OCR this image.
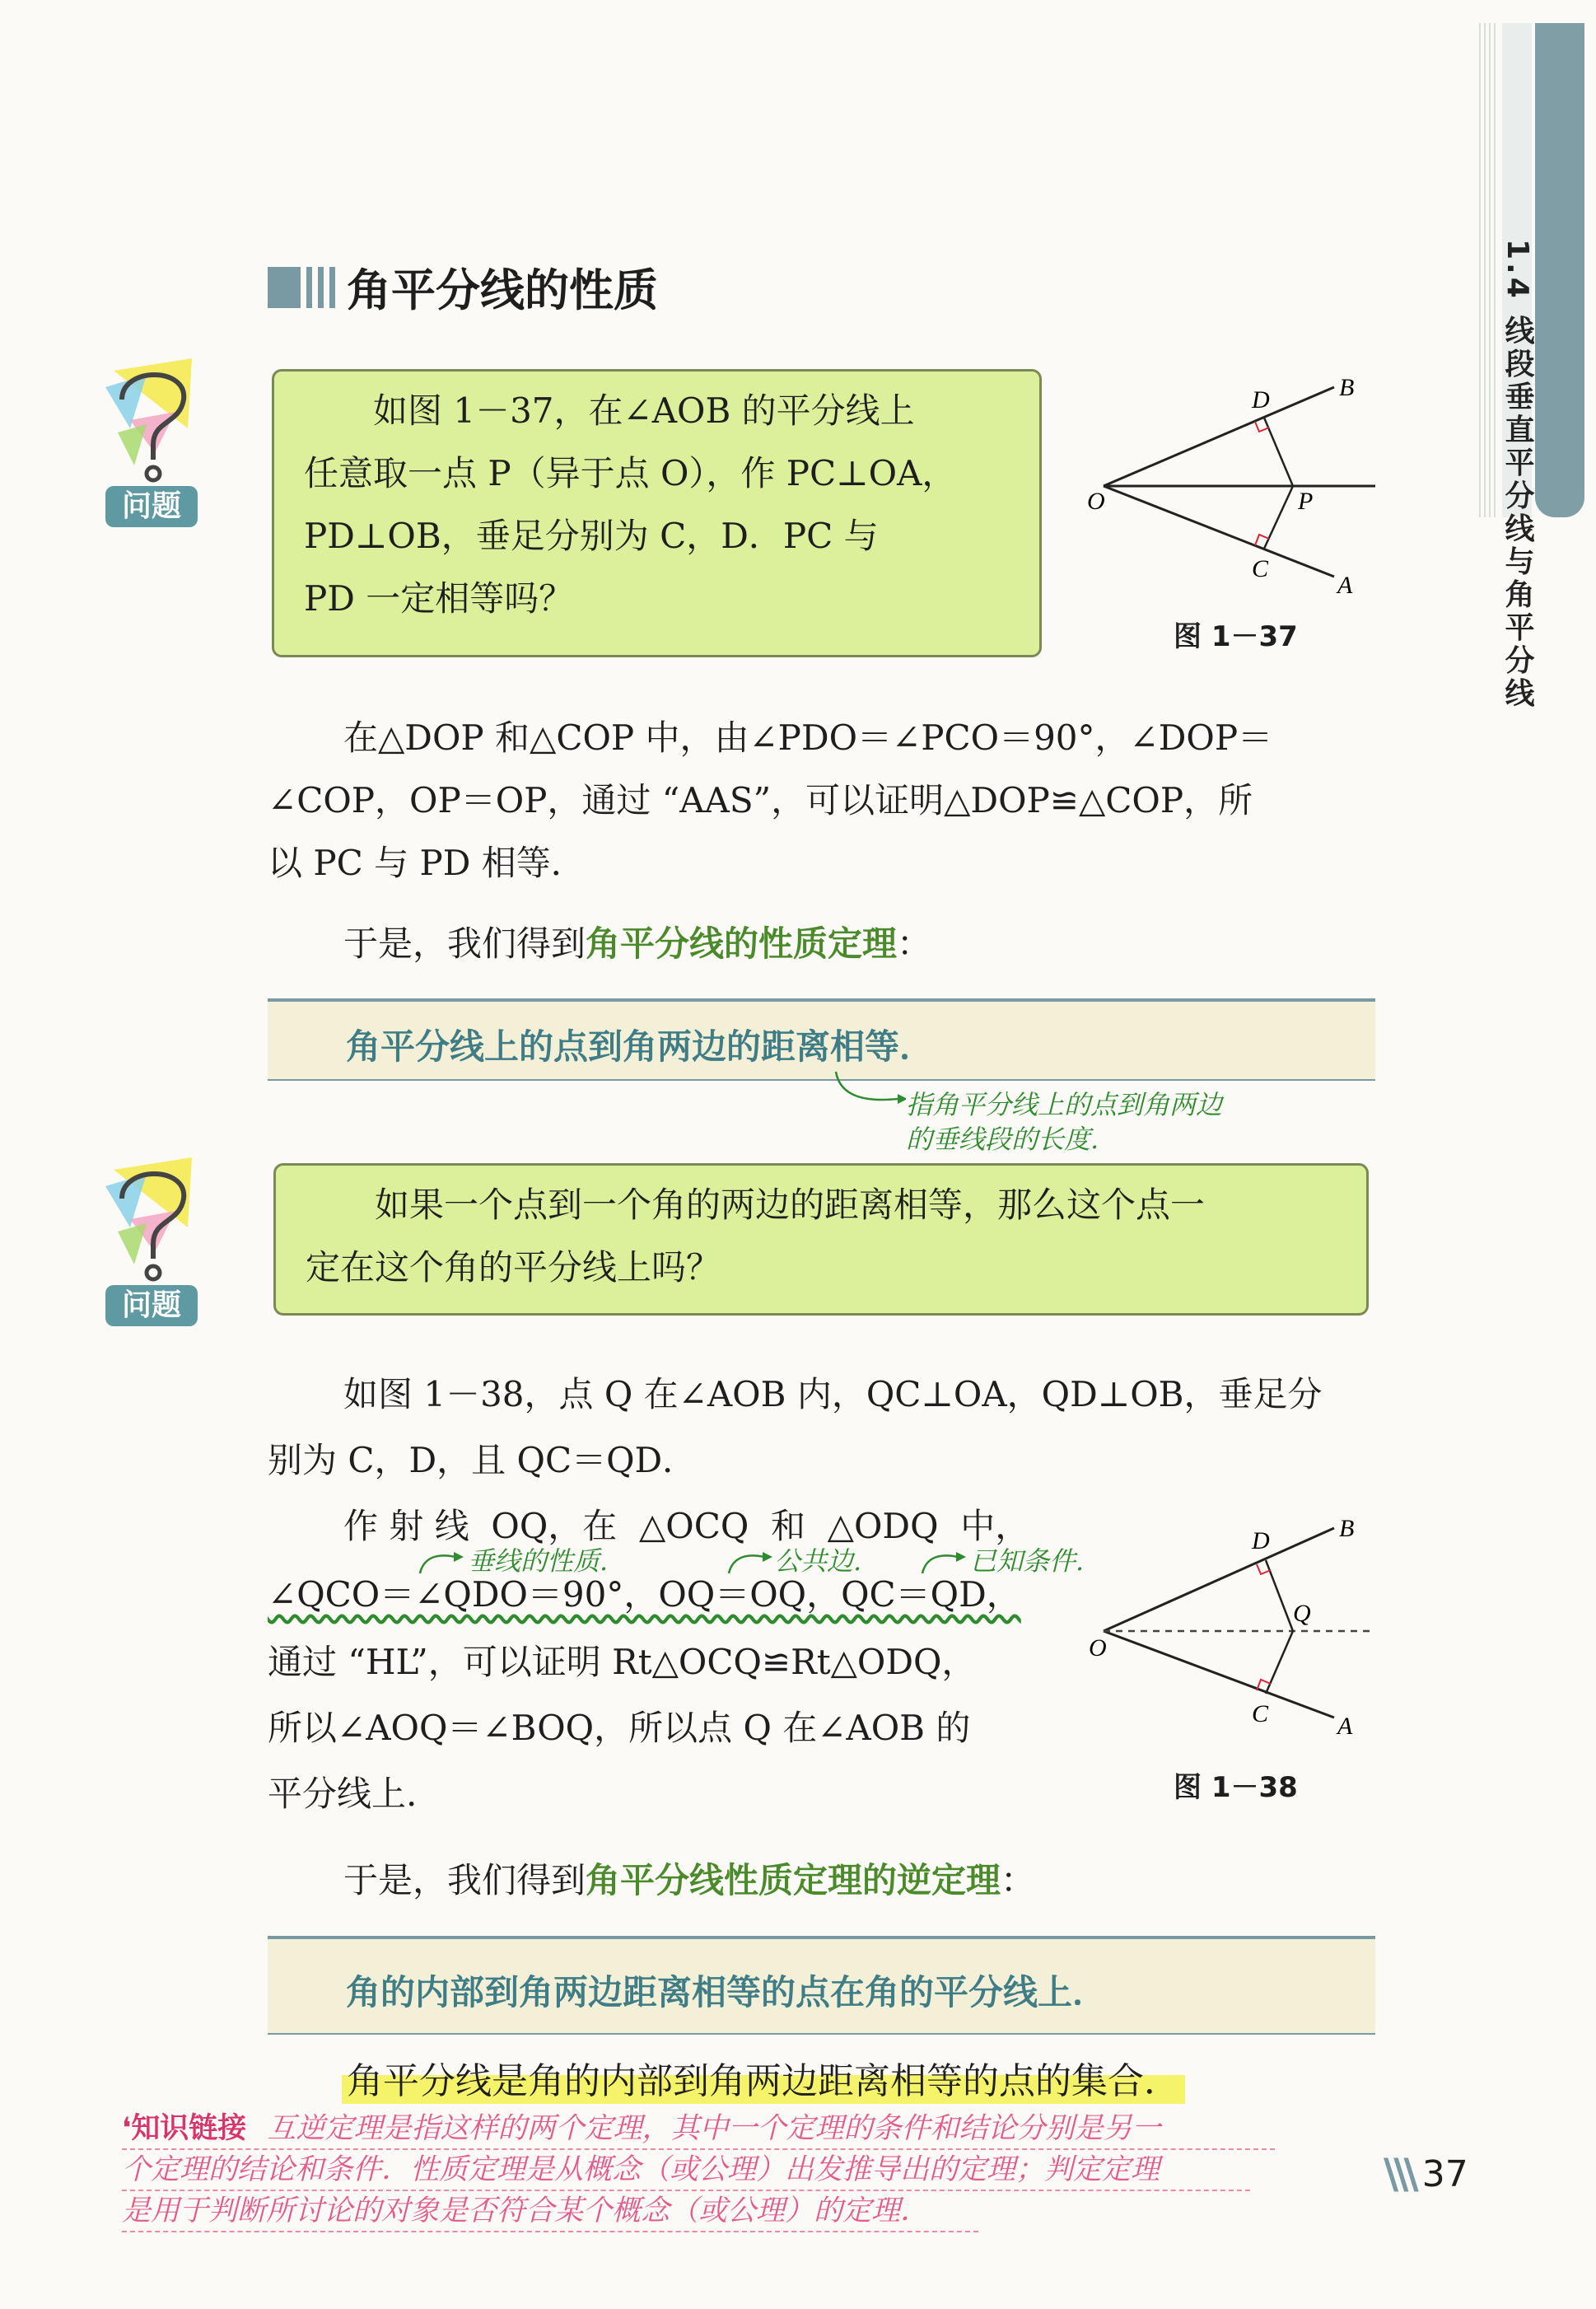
1.4 线段垂直平分线与角平分线
角平分线的性质
问题

如图 1－37，在∠AOB 的平分线上

任意取一点 P（异于点 O），作 PC⊥OA，

PD⊥OB，垂足分别为 C，D．PC 与

PD 一定相等吗？

O	P
A
B
C
D
图 1－37

在△DOP 和△COP 中，由∠PDO＝∠PCO＝90°，∠DOP＝

∠COP，OP＝OP，通过 “AAS”，可以证明△DOP≌△COP，所

以 PC 与 PD 相等．

于是，我们得到角平分线的性质定理：

角平分线上的点到角两边的距离相等．
指角平分线上的点到角两边
的垂线段的长度.
问题

如果一个点到一个角的两边的距离相等，那么这个点一

定在这个角的平分线上吗？

如图 1－38，点 Q 在∠AOB 内，QC⊥OA，QD⊥OB，垂足分

别为 C，D，且 QC＝QD．

作 射 线  OQ，在  △OCQ  和  △ODQ  中，

垂线的性质.	公共边.	已知条件.

∠QCO＝∠QDO＝90°，OQ＝OQ，QC＝QD，

通过 “HL”，可以证明 Rt△OCQ≌Rt△ODQ，

所以∠AOQ＝∠BOQ，所以点 Q 在∠AOB 的

平分线上.

O
Q
A
B
C
D
图 1－38

于是，我们得到角平分线性质定理的逆定理：

角的内部到角两边距离相等的点在角的平分线上．
角平分线是角的内部到角两边距离相等的点的集合．
❛知识链接 互逆定理是指这样的两个定理，其中一个定理的条件和结论分别是另一
个定理的结论和条件．性质定理是从概念（或公理）出发推导出的定理；判定定理
是用于判断所讨论的对象是否符合某个概念（或公理）的定理．
\\\ 37
